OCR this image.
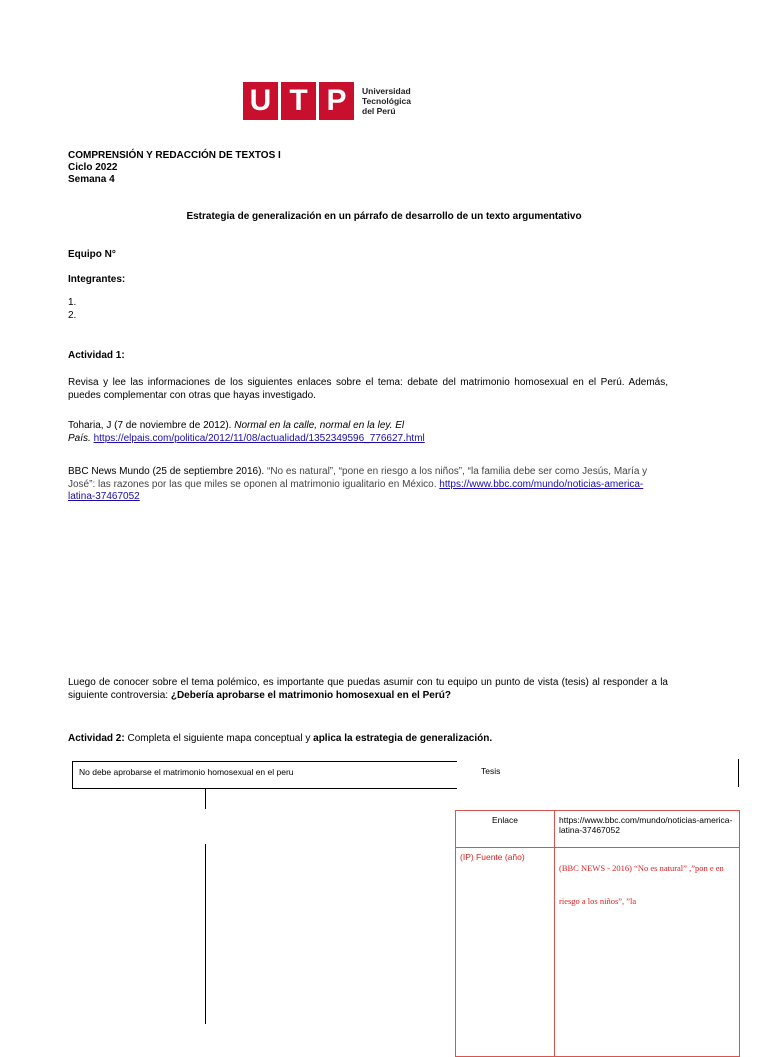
U T P	Universidad
Tecnológica
del Perú
COMPRENSIÓN Y REDACCIÓN DE TEXTOS I
Ciclo 2022
Semana 4
Estrategia de generalización en un párrafo de desarrollo de un texto argumentativo
Equipo N°
Integrantes:
1.
2.
Actividad 1:
Revisa y lee las informaciones de los siguientes enlaces sobre el tema: debate del matrimonio homosexual en el Perú. Además, puedes complementar con otras que hayas investigado.
Toharia, J (7 de noviembre de 2012). Normal en la calle, normal en la ley. El País. https://elpais.com/politica/2012/11/08/actualidad/1352349596_776627.html
BBC News Mundo (25 de septiembre 2016). “No es natural”, “pone en riesgo a los niños”, “la familia debe ser como Jesús, María y José”: las razones por las que miles se oponen al matrimonio igualitario en México. https://www.bbc.com/mundo/noticias-america-latina-37467052
Luego de conocer sobre el tema polémico, es importante que puedas asumir con tu equipo un punto de vista (tesis) al responder a la siguiente controversia: ¿Debería aprobarse el matrimonio homosexual en el Perú?
Actividad 2: Completa el siguiente mapa conceptual y aplica la estrategia de generalización.
No debe aprobarse el matrimonio homosexual en el peru	Tesis
Enlace	https://www.bbc.com/mundo/noticias-america-latina-37467052
(IP) Fuente (año)	(BBC NEWS - 2016) “No es natural” ,”pon e en riesgo a los niños”, ”la
